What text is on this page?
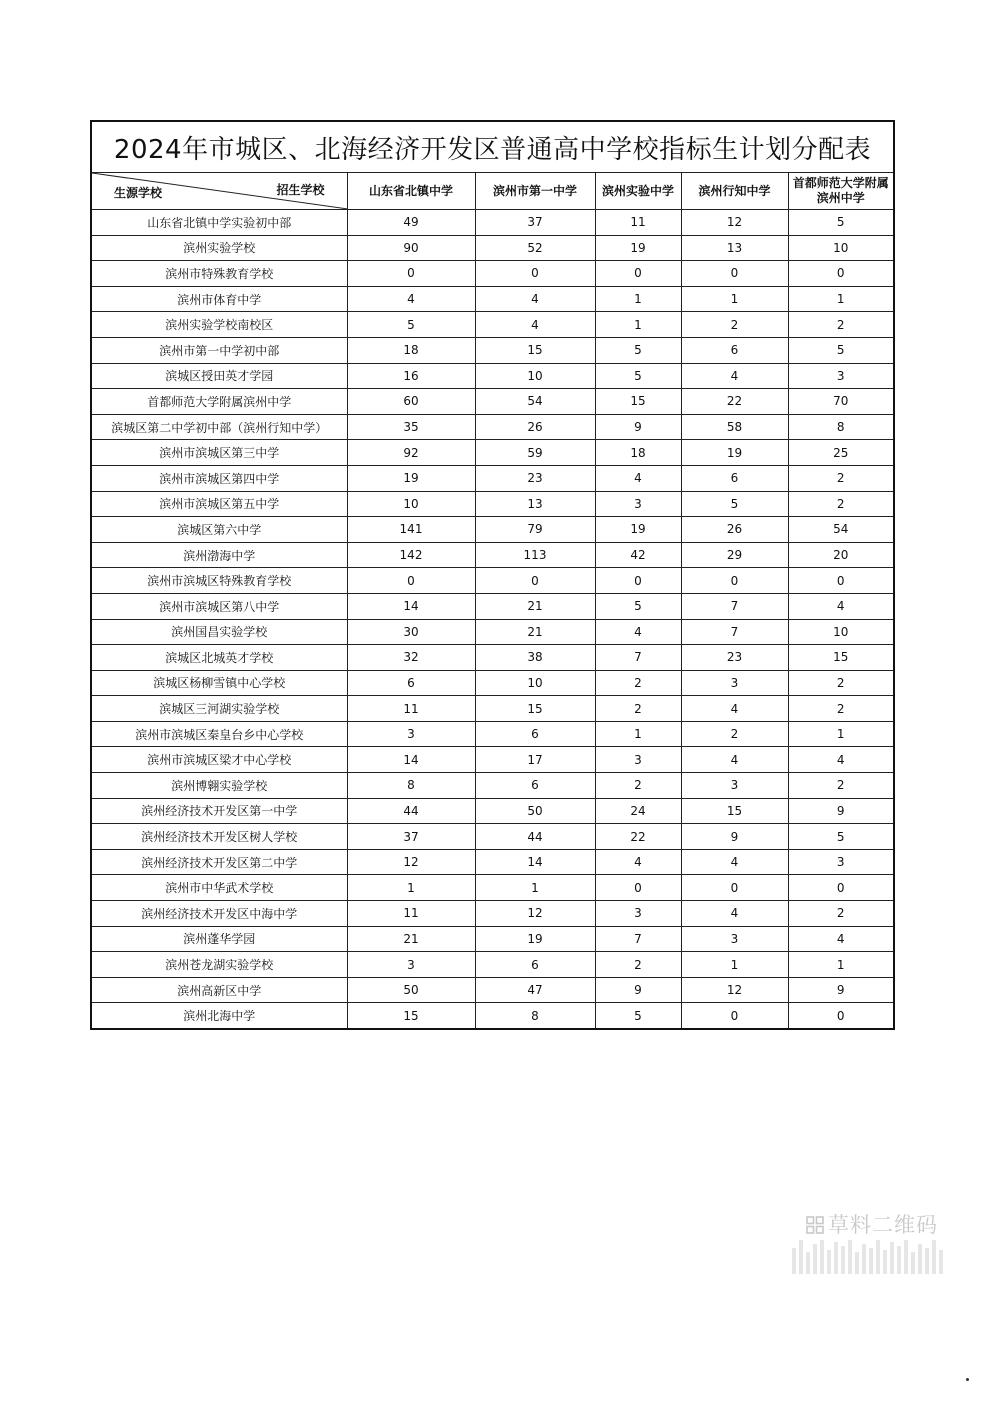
2024年市城区、北海经济开发区普通高中学校指标生计划分配表					

生源学校 招生学校	山东省北镇中学	滨州市第一中学	滨州实验中学	滨州行知中学	首都师范大学附属滨州中学
山东省北镇中学实验初中部	49	37	11	12	5
滨州实验学校	90	52	19	13	10
滨州市特殊教育学校	0	0	0	0	0
滨州市体育中学	4	4	1	1	1
滨州实验学校南校区	5	4	1	2	2
滨州市第一中学初中部	18	15	5	6	5
滨城区授田英才学园	16	10	5	4	3
首都师范大学附属滨州中学	60	54	15	22	70
滨城区第二中学初中部（滨州行知中学）	35	26	9	58	8
滨州市滨城区第三中学	92	59	18	19	25
滨州市滨城区第四中学	19	23	4	6	2
滨州市滨城区第五中学	10	13	3	5	2
滨城区第六中学	141	79	19	26	54
滨州渤海中学	142	113	42	29	20
滨州市滨城区特殊教育学校	0	0	0	0	0
滨州市滨城区第八中学	14	21	5	7	4
滨州国昌实验学校	30	21	4	7	10
滨城区北城英才学校	32	38	7	23	15
滨城区杨柳雪镇中心学校	6	10	2	3	2
滨城区三河湖实验学校	11	15	2	4	2
滨州市滨城区秦皇台乡中心学校	3	6	1	2	1
滨州市滨城区梁才中心学校	14	17	3	4	4
滨州博翱实验学校	8	6	2	3	2
滨州经济技术开发区第一中学	44	50	24	15	9
滨州经济技术开发区树人学校	37	44	22	9	5
滨州经济技术开发区第二中学	12	14	4	4	3
滨州市中华武术学校	1	1	0	0	0
滨州经济技术开发区中海中学	11	12	3	4	2
滨州蓬华学园	21	19	7	3	4
滨州苍龙湖实验学校	3	6	2	1	1
滨州高新区中学	50	47	9	12	9
滨州北海中学	15	8	5	0	0
草料二维码
